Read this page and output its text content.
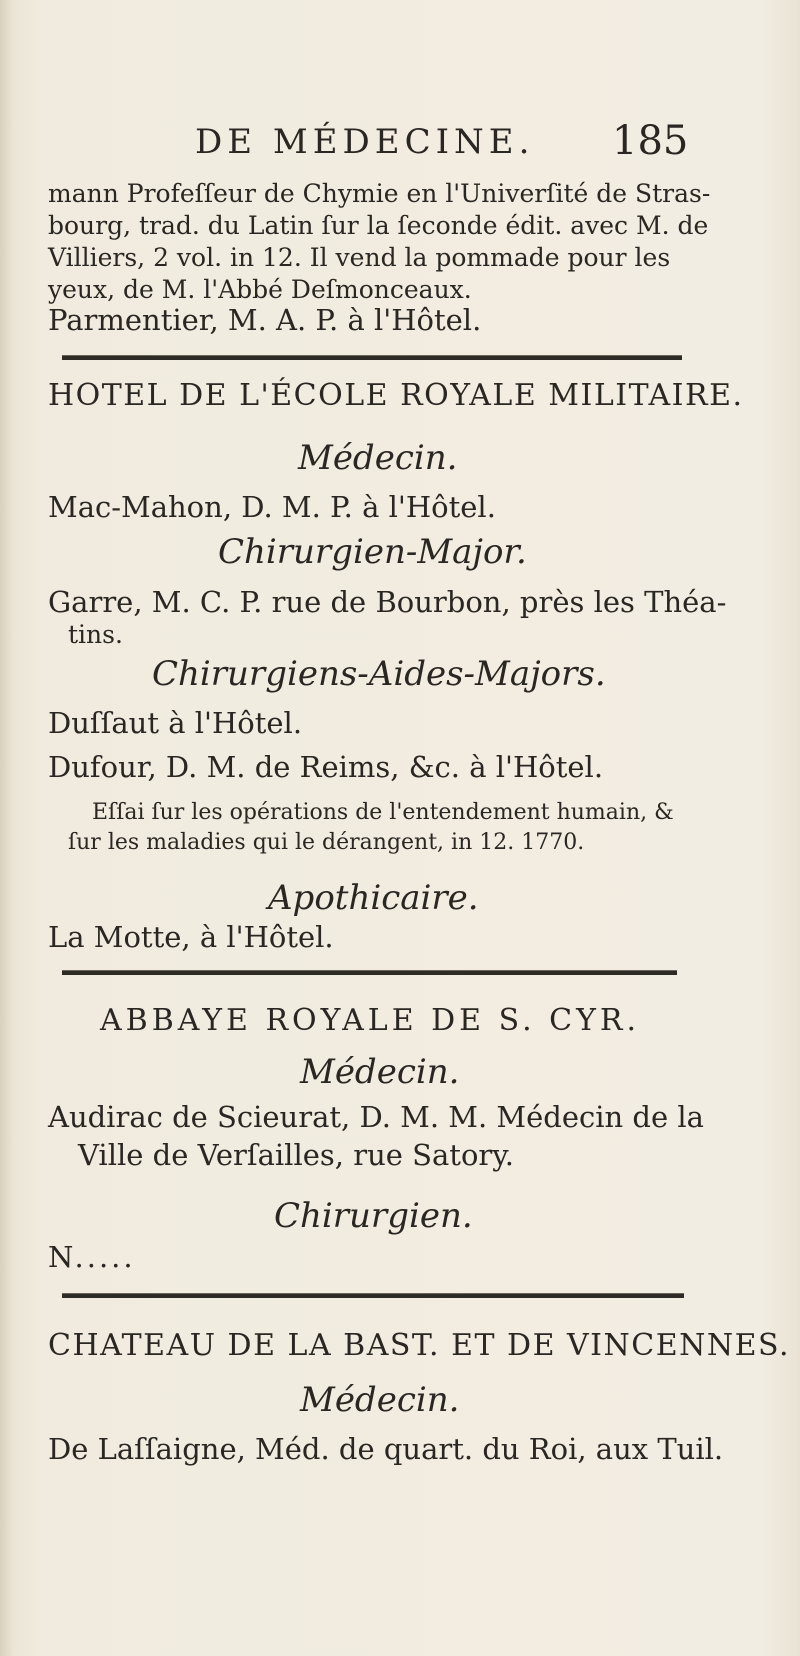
DE MÉDECINE. 185
mann Profeſſeur de Chymie en l'Univerſité de Stras-
bourg, trad. du Latin ſur la ſeconde édit. avec M. de
Villiers, 2 vol. in 12. Il vend la pommade pour les
yeux, de M. l'Abbé Deſmonceaux.
Parmentier, M. A. P. à l'Hôtel.
HOTEL DE L'ÉCOLE ROYALE MILITAIRE.
Médecin.
Mac-Mahon, D. M. P. à l'Hôtel.
Chirurgien-Major.
Garre, M. C. P. rue de Bourbon, près les Théa-
tins.
Chirurgiens-Aides-Majors.
Duſſaut à l'Hôtel.
Dufour, D. M. de Reims, &c. à l'Hôtel.
Eſſai ſur les opérations de l'entendement humain, &
ſur les maladies qui le dérangent, in 12. 1770.
Apothicaire.
La Motte, à l'Hôtel.
ABBAYE ROYALE DE S. CYR.
Médecin.
Audirac de Scieurat, D. M. M. Médecin de la
Ville de Verſailles, rue Satory.
Chirurgien.
N.....
CHATEAU DE LA BAST. ET DE VINCENNES.
Médecin.
De Laſſaigne, Méd. de quart. du Roi, aux Tuil.
